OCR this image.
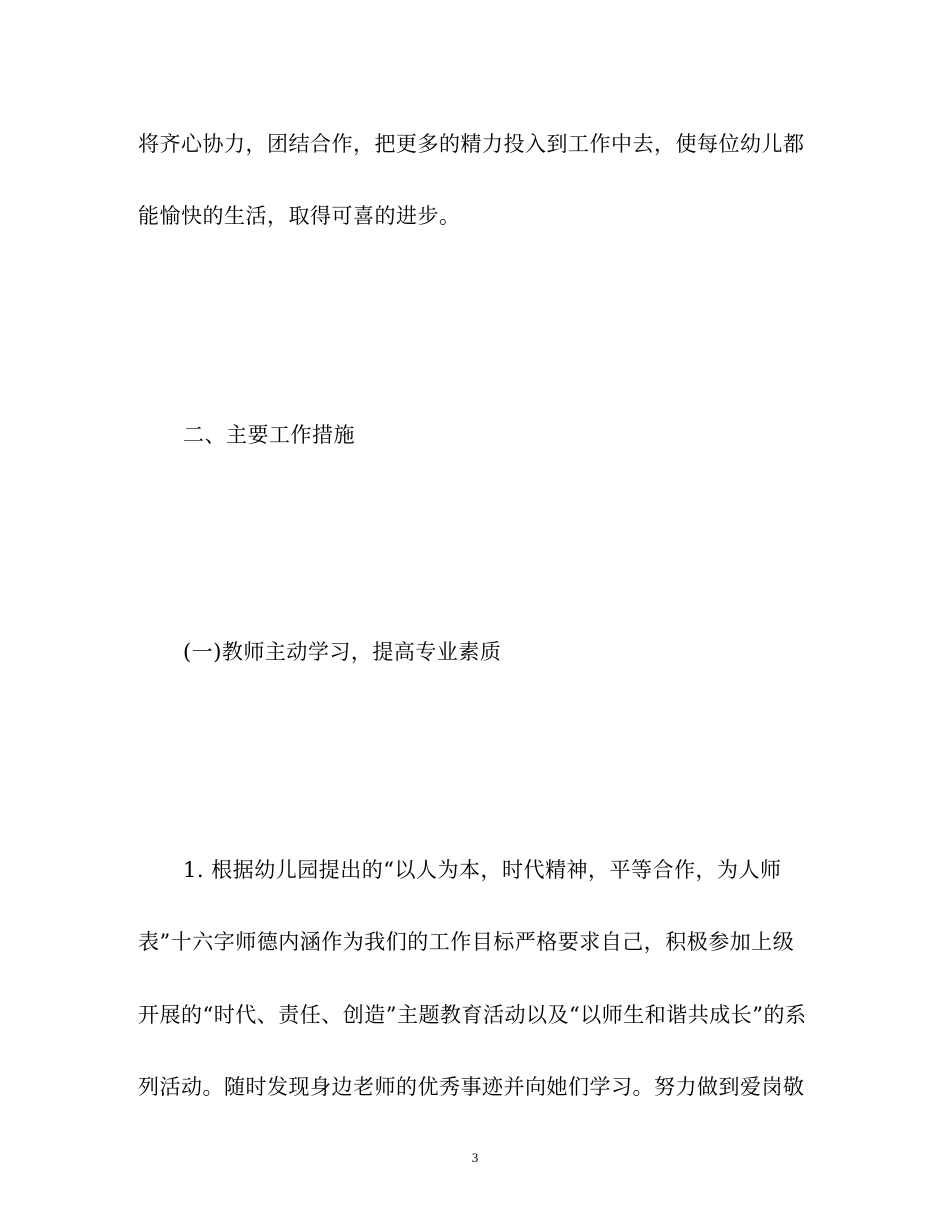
将齐心协力，团结合作，把更多的精力投入到工作中去，使每位幼儿都
能愉快的生活，取得可喜的进步。
二、主要工作措施
(一)教师主动学习，提高专业素质
1. 根据幼儿园提出的“以人为本，时代精神，平等合作，为人师
表”十六字师德内涵作为我们的工作目标严格要求自己，积极参加上级
开展的“时代、责任、创造”主题教育活动以及“以师生和谐共成长”的系
列活动。随时发现身边老师的优秀事迹并向她们学习。努力做到爱岗敬
3
